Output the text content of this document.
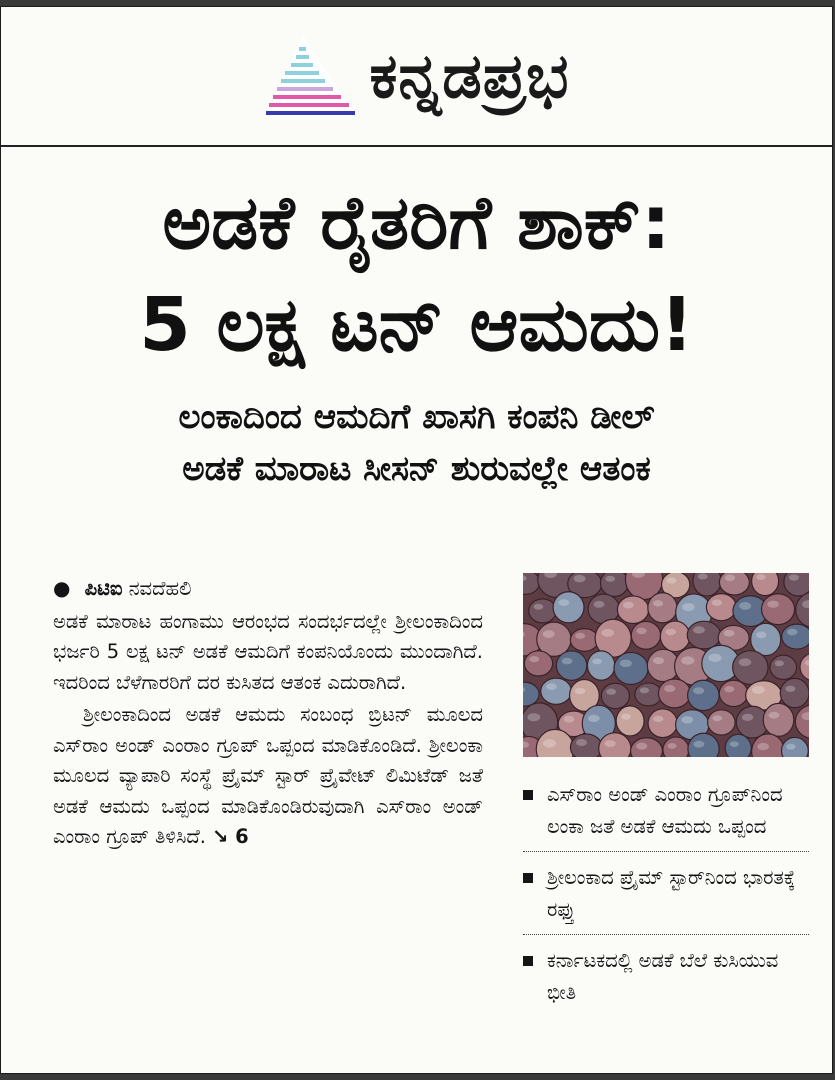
ಕನ್ನಡಪ್ರಭ
ಅಡಕೆ ರೈತರಿಗೆ ಶಾಕ್:
5 ಲಕ್ಷ ಟನ್ ಆಮದು!
ಲಂಕಾದಿಂದ ಆಮದಿಗೆ ಖಾಸಗಿ ಕಂಪನಿ ಡೀಲ್
ಅಡಕೆ ಮಾರಾಟ ಸೀಸನ್ ಶುರುವಲ್ಲೇ ಆತಂಕ
● ಪಿಟಿಐ ನವದೆಹಲಿ

ಅಡಕೆ ಮಾರಾಟ ಹಂಗಾಮು ಆರಂಭದ ಸಂದರ್ಭದಲ್ಲೇ ಶ್ರೀಲಂಕಾದಿಂದ ಭರ್ಜರಿ 5 ಲಕ್ಷ ಟನ್ ಅಡಕೆ ಆಮದಿಗೆ ಕಂಪನಿಯೊಂದು ಮುಂದಾಗಿದೆ. ಇದರಿಂದ ಬೆಳೆಗಾರರಿಗೆ ದರ ಕುಸಿತದ ಆತಂಕ ಎದುರಾಗಿದೆ.

ಶ್ರೀಲಂಕಾದಿಂದ ಅಡಕೆ ಆಮದು ಸಂಬಂಧ ಬ್ರಿಟನ್ ಮೂಲದ ಎಸ್‌ರಾಂ ಅಂಡ್ ಎಂರಾಂ ಗ್ರೂಪ್ ಒಪ್ಪಂದ ಮಾಡಿಕೊಂಡಿದೆ. ಶ್ರೀಲಂಕಾ ಮೂಲದ ವ್ಯಾಪಾರಿ ಸಂಸ್ಥೆ ಪ್ರೈಮ್ ಸ್ಟಾರ್ ಪ್ರೈವೇಟ್ ಲಿಮಿಟೆಡ್ ಜತೆ ಅಡಕೆ ಆಮದು ಒಪ್ಪಂದ ಮಾಡಿಕೊಂಡಿರುವುದಾಗಿ ಎಸ್‌ರಾಂ ಅಂಡ್ ಎಂರಾಂ ಗ್ರೂಪ್ ತಿಳಿಸಿದೆ. ↘ 6

ಎಸ್‌ರಾಂ ಅಂಡ್ ಎಂರಾಂ ಗ್ರೂಪ್‌ನಿಂದ ಲಂಕಾ ಜತೆ ಅಡಕೆ ಆಮದು ಒಪ್ಪಂದ
ಶ್ರೀಲಂಕಾದ ಪ್ರೈಮ್ ಸ್ಟಾರ್‌ನಿಂದ ಭಾರತಕ್ಕೆ ರಫ್ತು
ಕರ್ನಾಟಕದಲ್ಲಿ ಅಡಕೆ ಬೆಲೆ ಕುಸಿಯುವ ಭೀತಿ
